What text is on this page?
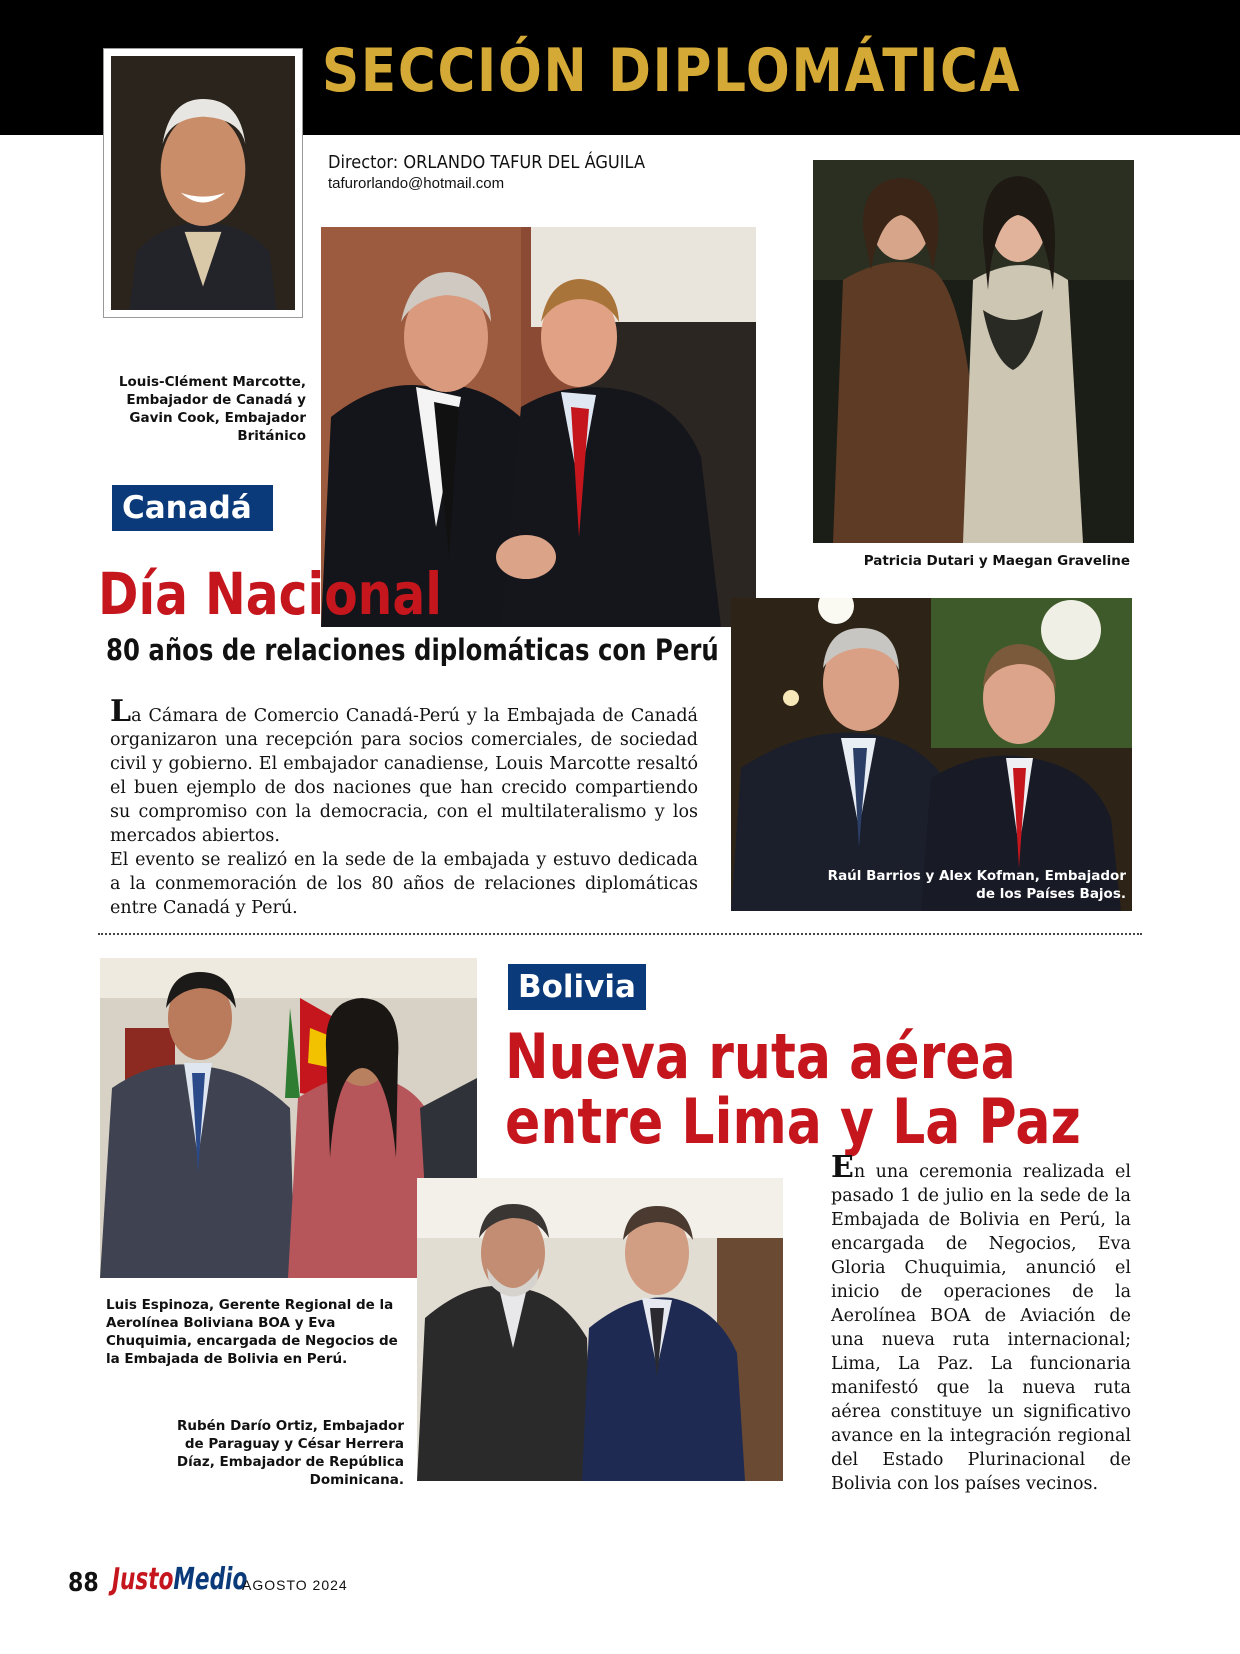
SECCIÓN DIPLOMÁTICA
Director: ORLANDO TAFUR DEL ÁGUILA
tafurorlando@hotmail.com
Louis-Clément Marcotte, Embajador de Canadá y Gavin Cook, Embajador Británico
Patricia Dutari y Maegan Graveline
Canadá
Día Nacional
80 años de relaciones diplomáticas con Perú
Raúl Barrios y Alex Kofman, Embajador de los Países Bajos.

La Cámara de Comercio Canadá-Perú y la Embajada de Canadá organizaron una recepción para socios comerciales, de sociedad civil y gobierno. El embajador canadiense, Louis Marcotte resaltó el buen ejemplo de dos naciones que han crecido compartiendo su compromiso con la democracia, con el multilateralismo y los mercados abiertos.

El evento se realizó en la sede de la embajada y estuvo dedicada a la conmemoración de los 80 años de relaciones diplomáticas entre Canadá y Perú.

Luis Espinoza, Gerente Regional de la Aerolínea Boliviana BOA y Eva Chuquimia, encargada de Negocios de la Embajada de Bolivia en Perú.
Rubén Darío Ortiz, Embajador de Paraguay y César Herrera Díaz, Embajador de República Dominicana.
Bolivia
Nueva ruta aérea
entre Lima y La Paz

En una ceremonia realizada el pasado 1 de julio en la sede de la Embajada de Bolivia en Perú, la encargada de Negocios, Eva Gloria Chuquimia, anunció el inicio de operaciones de la Aerolínea BOA de Aviación de una nueva ruta internacional; Lima, La Paz. La funcionaria manifestó que la nueva ruta aérea constituye un significativo avance en la integración regional del Estado Plurinacional de Bolivia con los países vecinos.

88 JustoMedio
AGOSTO 2024
